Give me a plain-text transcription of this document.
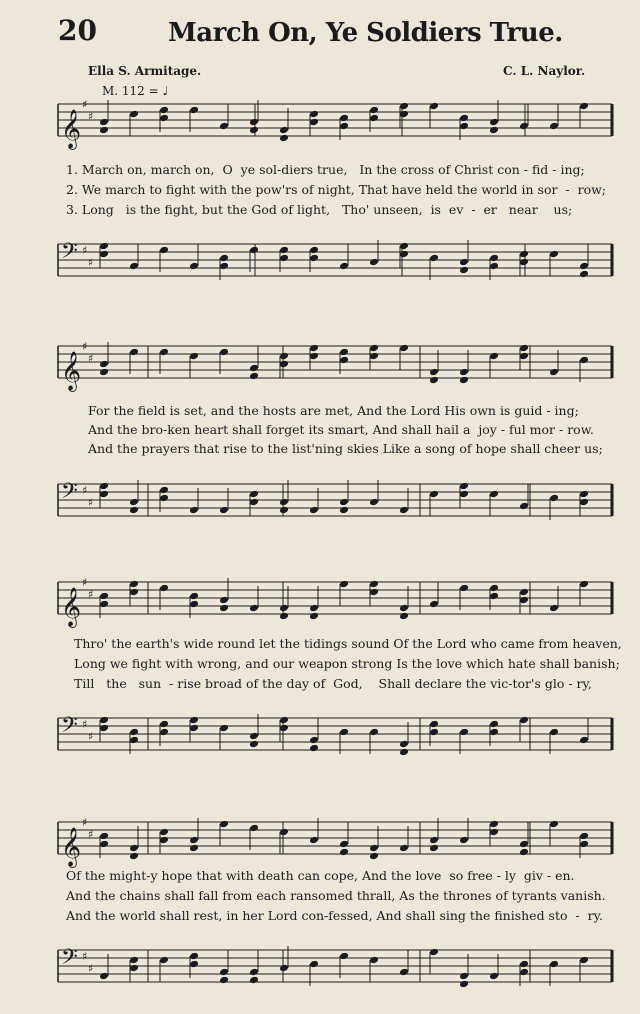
20	March On, Ye Soldiers True.
Ella S. Armitage.	C. L. Naylor.
M. 112 = ♩
𝄞
♯
♯
1. March on, march on,  O  ye sol-diers true,   In the cross of Christ con - fid - ing;
2. We march to fight with the pow'rs of night, That have held the world in sor  -  row;
3. Long   is the fight, but the God of light,   Tho' unseen,  is  ev  -  er   near    us;
𝄢 ♯
♯
𝄞
♯
♯
For the field is set, and the hosts are met, And the Lord His own is guid - ing;
And the bro-ken heart shall forget its smart, And shall hail a  joy - ful mor - row.
And the prayers that rise to the list'ning skies Like a song of hope shall cheer us;
𝄢 ♯
♯
𝄞
♯
♯
Thro' the earth's wide round let the tidings sound Of the Lord who came from heaven,
Long we fight with wrong, and our weapon strong Is the love which hate shall banish;
Till   the   sun  - rise broad of the day of  God,    Shall declare the vic-tor's glo - ry,
𝄢 ♯
♯
𝄞
♯
♯
Of the might-y hope that with death can cope, And the love  so free - ly  giv - en.
And the chains shall fall from each ransomed thrall, As the thrones of tyrants vanish.
And the world shall rest, in her Lord con-fessed, And shall sing the finished sto  -  ry.
𝄢 ♯
♯
